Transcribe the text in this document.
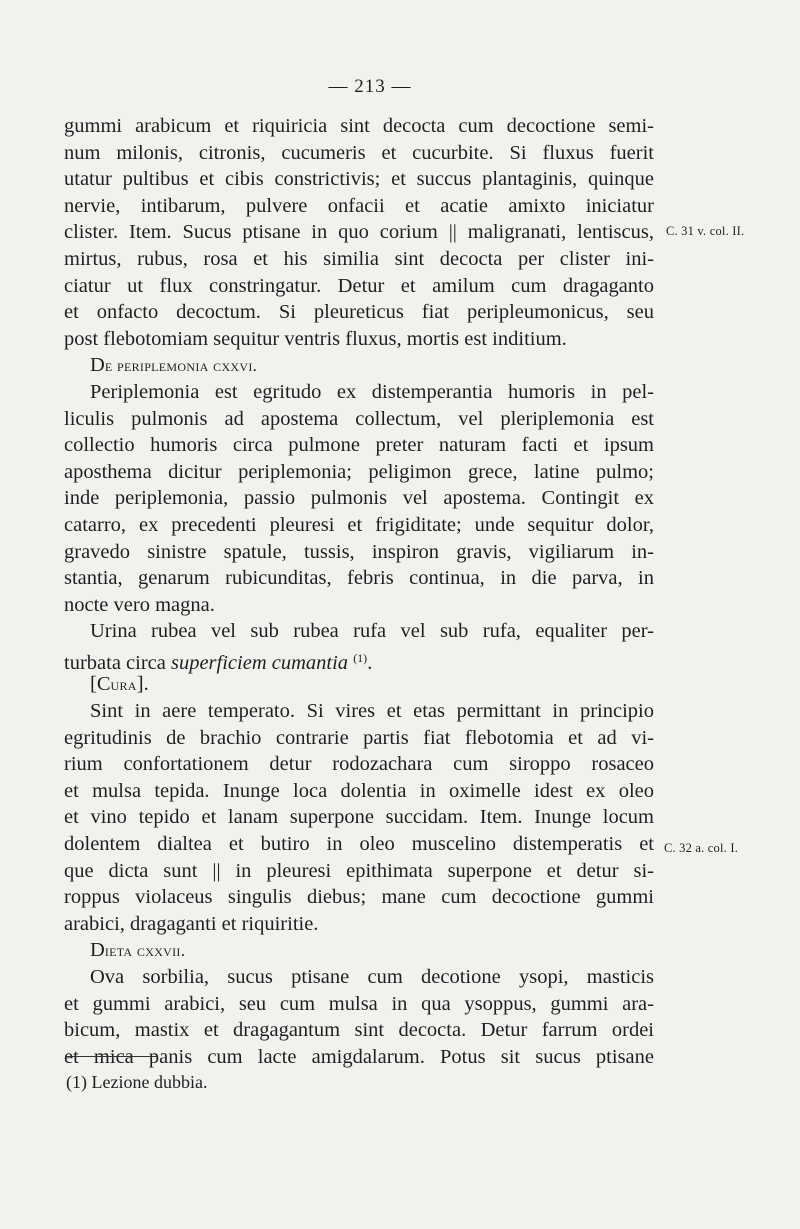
— 213 —
gummi arabicum et riquiricia sint decocta cum decoctione semi-
num milonis, citronis, cucumeris et cucurbite. Si fluxus fuerit
utatur pultibus et cibis constrictivis; et succus plantaginis, quinque
nervie, intibarum, pulvere onfacii et acatie amixto iniciatur
clister. Item. Sucus ptisane in quo corium || maligranati, lentiscus,
mirtus, rubus, rosa et his similia sint decocta per clister ini-
ciatur ut flux constringatur. Detur et amilum cum dragaganto
et onfacto decoctum. Si pleureticus fiat peripleumonicus, seu
post flebotomiam sequitur ventris fluxus, mortis est inditium.
De periplemonia cxxvi.
Periplemonia est egritudo ex distemperantia humoris in pel-
liculis pulmonis ad apostema collectum, vel pleriplemonia est
collectio humoris circa pulmone preter naturam facti et ipsum
aposthema dicitur periplemonia; peligimon grece, latine pulmo;
inde periplemonia, passio pulmonis vel apostema. Contingit ex
catarro, ex precedenti pleuresi et frigiditate; unde sequitur dolor,
gravedo sinistre spatule, tussis, inspiron gravis, vigiliarum in-
stantia, genarum rubicunditas, febris continua, in die parva, in
nocte vero magna.
Urina rubea vel sub rubea rufa vel sub rufa, equaliter per-
turbata circa superficiem cumantia $^{(1)}$.
[Cura].
Sint in aere temperato. Si vires et etas permittant in principio
egritudinis de brachio contrarie partis fiat flebotomia et ad vi-
rium confortationem detur rodozachara cum siroppo rosaceo
et mulsa tepida. Inunge loca dolentia in oximelle idest ex oleo
et vino tepido et lanam superpone succidam. Item. Inunge locum
dolentem dialtea et butiro in oleo muscelino distemperatis et
que dicta sunt || in pleuresi epithimata superpone et detur si-
roppus violaceus singulis diebus; mane cum decoctione gummi
arabici, dragaganti et riquiritie.
Dieta cxxvii.
Ova sorbilia, sucus ptisane cum decotione ysopi, masticis
et gummi arabici, seu cum mulsa in qua ysoppus, gummi ara-
bicum, mastix et dragagantum sint decocta. Detur farrum ordei
et mica panis cum lacte amigdalarum. Potus sit sucus ptisane
C. 31 v. col. II.
C. 32 a. col. I.
(1) Lezione dubbia.
